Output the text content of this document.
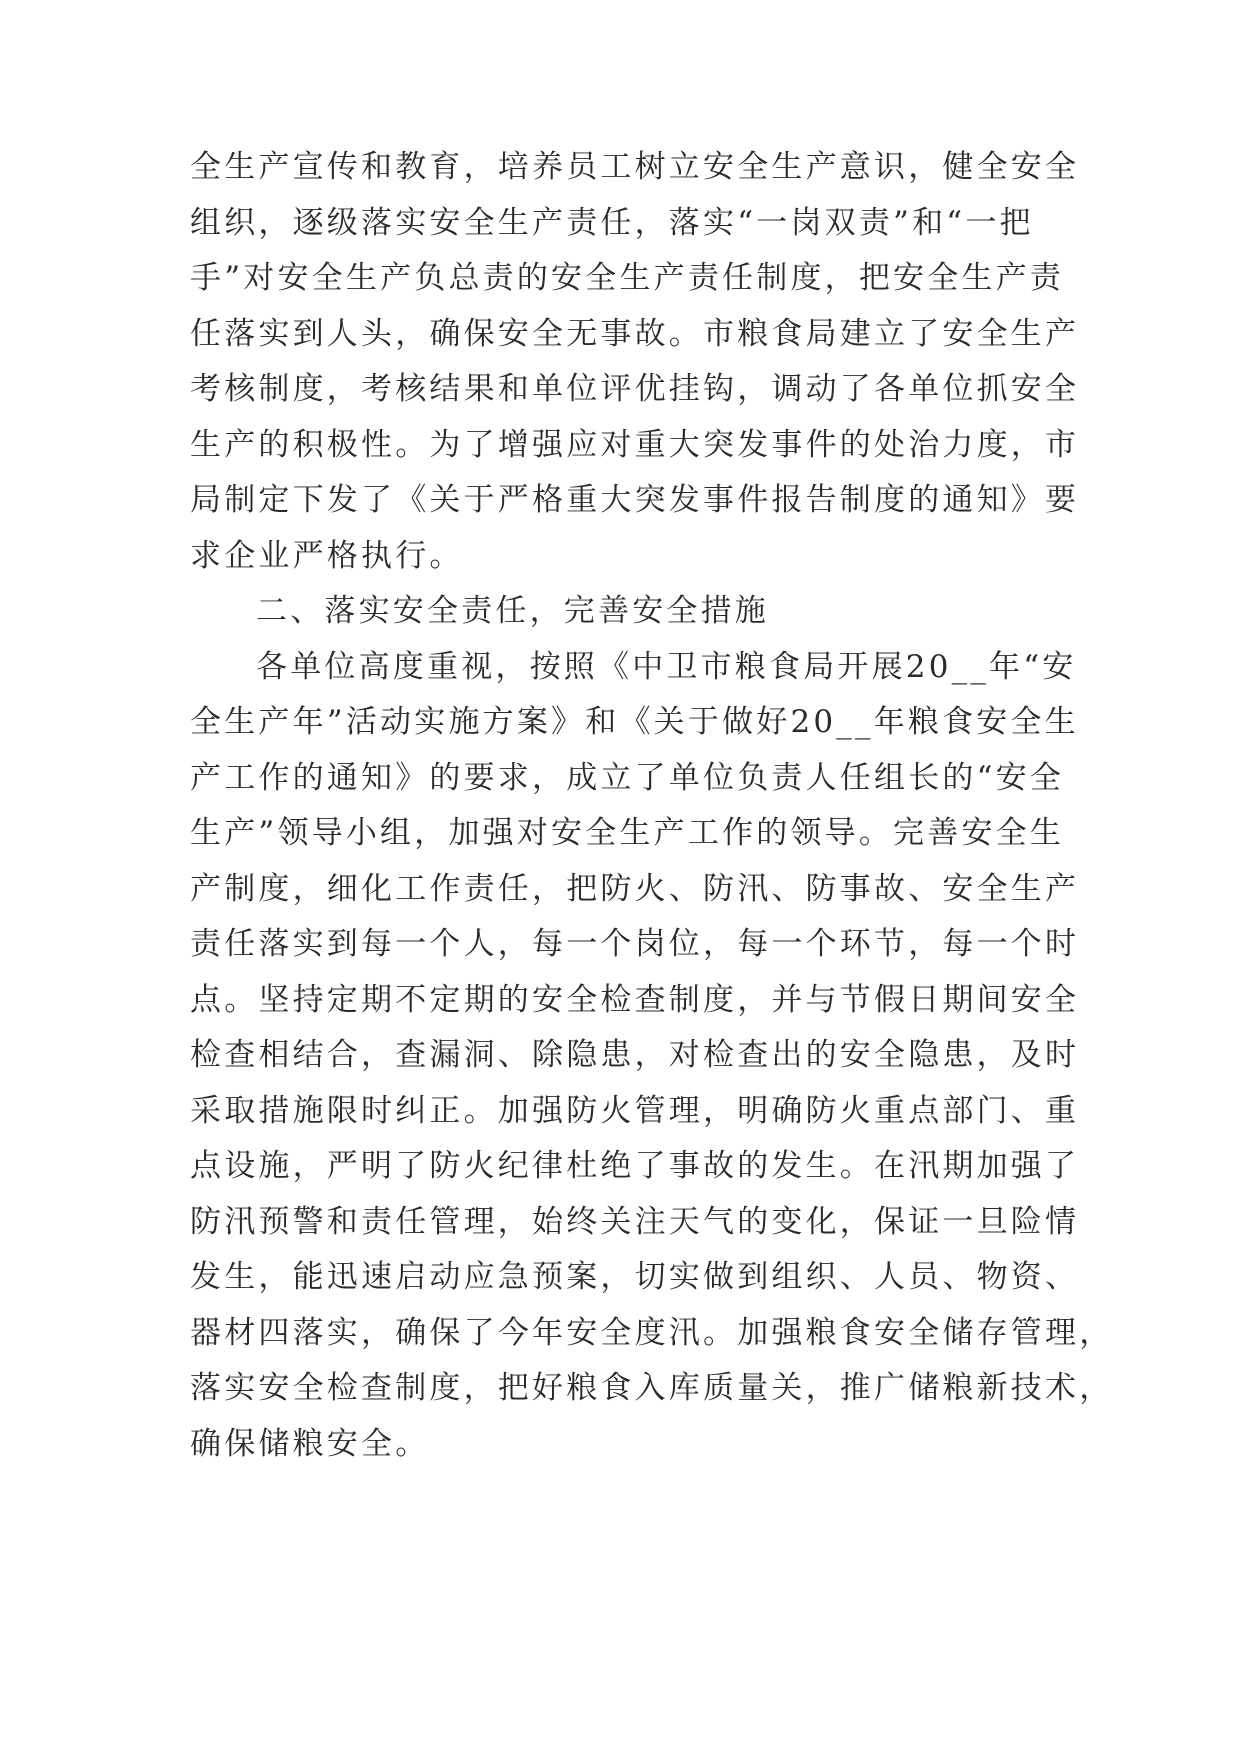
全生产宣传和教育，培养员工树立安全生产意识，健全安全
组织，逐级落实安全生产责任，落实“一岗双责”和“一把
手”对安全生产负总责的安全生产责任制度，把安全生产责
任落实到人头，确保安全无事故。市粮食局建立了安全生产
考核制度，考核结果和单位评优挂钩，调动了各单位抓安全
生产的积极性。为了增强应对重大突发事件的处治力度，市
局制定下发了《关于严格重大突发事件报告制度的通知》要
求企业严格执行。
二、落实安全责任，完善安全措施
各单位高度重视，按照《中卫市粮食局开展20__年“安
全生产年”活动实施方案》和《关于做好20__年粮食安全生
产工作的通知》的要求，成立了单位负责人任组长的“安全
生产”领导小组，加强对安全生产工作的领导。完善安全生
产制度，细化工作责任，把防火、防汛、防事故、安全生产
责任落实到每一个人，每一个岗位，每一个环节，每一个时
点。坚持定期不定期的安全检查制度，并与节假日期间安全
检查相结合，查漏洞、除隐患，对检查出的安全隐患，及时
采取措施限时纠正。加强防火管理，明确防火重点部门、重
点设施，严明了防火纪律杜绝了事故的发生。在汛期加强了
防汛预警和责任管理，始终关注天气的变化，保证一旦险情
发生，能迅速启动应急预案，切实做到组织、人员、物资、
器材四落实，确保了今年安全度汛。加强粮食安全储存管理，
落实安全检查制度，把好粮食入库质量关，推广储粮新技术，
确保储粮安全。
